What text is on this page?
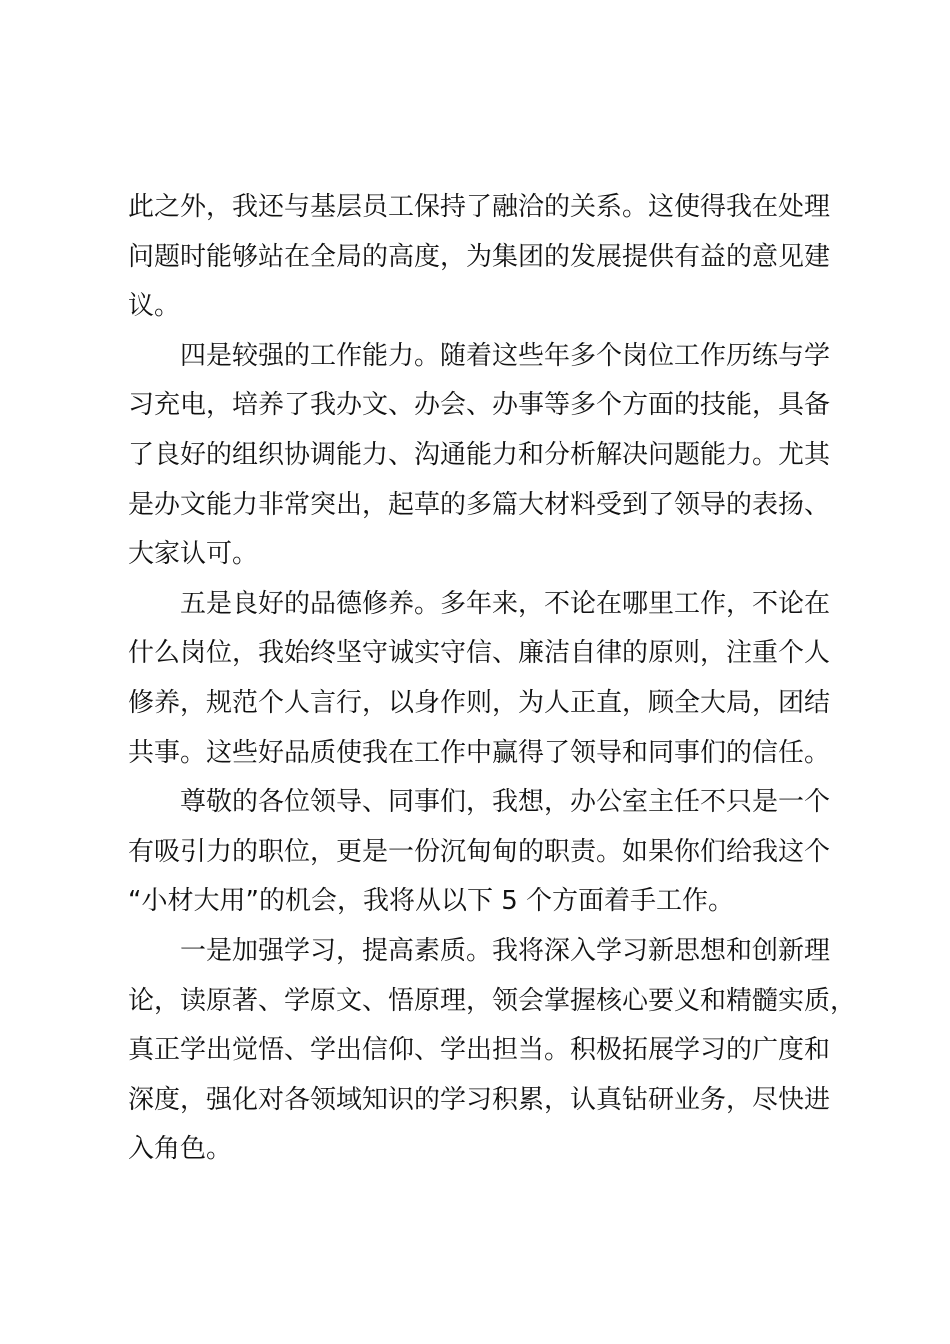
此之外，我还与基层员工保持了融洽的关系。这使得我在处理
问题时能够站在全局的高度，为集团的发展提供有益的意见建
议。
四是较强的工作能力。随着这些年多个岗位工作历练与学
习充电，培养了我办文、办会、办事等多个方面的技能，具备
了良好的组织协调能力、沟通能力和分析解决问题能力。尤其
是办文能力非常突出，起草的多篇大材料受到了领导的表扬、
大家认可。
五是良好的品德修养。多年来，不论在哪里工作，不论在
什么岗位，我始终坚守诚实守信、廉洁自律的原则，注重个人
修养，规范个人言行，以身作则，为人正直，顾全大局，团结
共事。这些好品质使我在工作中赢得了领导和同事们的信任。
尊敬的各位领导、同事们，我想，办公室主任不只是一个
有吸引力的职位，更是一份沉甸甸的职责。如果你们给我这个
“小材大用”的机会，我将从以下 5 个方面着手工作。
一是加强学习，提高素质。我将深入学习新思想和创新理
论，读原著、学原文、悟原理，领会掌握核心要义和精髓实质，
真正学出觉悟、学出信仰、学出担当。积极拓展学习的广度和
深度，强化对各领域知识的学习积累，认真钻研业务，尽快进
入角色。
